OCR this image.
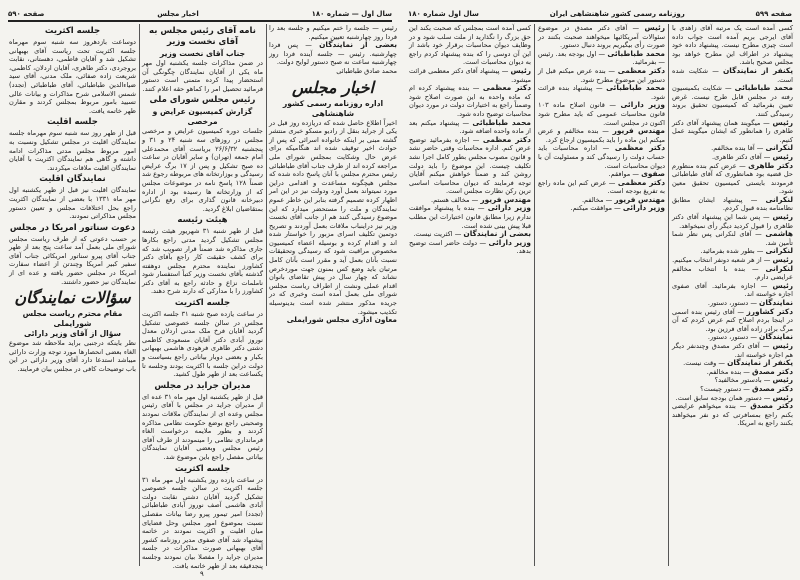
سال اول — شماره ۱۸۰
اخبار مجلس
صفحه ۵۹۰
رئیس — جلسه را ختم میکنیم و جلسه بعد را فردا روز چهارشنبه تعیین میکنیم.
بعضی از نمایندگان — پس فردا چهارشنبه. رئیس — جلسه آینده فردا روز چهارشنبه ساعت نه صبح دستور لوایح دولت.
محمد صادق طباطبائی
اخبار مجلس
اداره روزنامه رسمی کشور شاهنشاهی
اخیراً اطلاع حاصل شده که دریازده روز قبل در یکی از جراید بنقل از رادیو مسکو خبری منتشر گشته مبنی بر اینکه خانواده اسرائی که پس از حوادث اخیر توقیف شده اند هنگامیکه برای عرض حال وشکایت بمجلس شورای ملی مراجعه کرده اند از طرف جناب آقای طباطبائی رئیس محترم مجلس با آنان پاسخ داده شده که مجلس هیچگونه مساعدت و اقدامی دراین مورد نمیتواند بعمل آورد ودولت نیز در این امر اظهار کرده تصمیم گرفته بنابر این خاطر عموم نمایندگان و ملت را مستحضر میدارد که این موضوع رسیدگی کنند هم از جانب آقای نخست وزیر نیز دراینباب ملاقات بعمل آوردند و تصریح دوتمین تکلیف اسرای مزبور را خواستار شده اند و اقدام کرده و بوسیله اعضاء کمیسیون مخصوص مراقبت شود که رسیدگی وتحقیقات نسبت بآنان بعمل آید و مقرر است بآنان کامل مرتبان باید وضع کس بمنون جهت موردخرص نشاند که چهار سال در پیش تقاضای بانوان اقدام عملی ونشت از اطراف ریاست مجلس شورای ملی بعمل آمده است وخبری که در جریده مذکور منتشر شده است بدینوسیله تکذیب میشود.
معاون اداری مجلس شورایملی
نامه آقای رئیس مجلس به آقای نخست وزیر
جناب آقای نخست وزیر
در ضمن مذاکرات جلسه یکشنبه اول مهر ماه یکی از آقایان نمایندگان چگونگی آن استحضار پیدا کرده متمنی است دستور فرمائید تحصیل امر را کماهو حقه اعلام کنند.
رئیس مجلس شورای ملی
گزارش کمیسیون عرایض و مرخصی
جلسات دوره کمیسیون عرایض و مرخصی مجلس در روزهای سه شنبه ۲۴ و ۳۱ و پنجشنبه ۲۶/۶/۳۲ بریاست آقای محمدعلی امام جمعه (تهران) و سایر آقایان در ساعت ده صبح تشکیل و پس از ۱۷ برگ عرایض رسیدگی و بوزارتخانه های مربوطه رجوع شد ضمناً ۱۲۸ پاسخ نامه در موضوعات مجلس که از وزارتخانه ها رسیده بود از اداره دبیرخانه قانون گذاری برای رفع نگرانی بمتقاضیان ابلاغ گردید.
هیئت رئیسه
قبل از ظهر شنبه ۳۱ شهریور هیئت رئیسه مجلس تشکیل گردید مدتی راجع بکارها جاری مذاکره شد ضمناً قرار تصویب شد که برای کشف حقیقت کار راجع بآقای دکتر کشاورز نماینده محترم مجلس دوهفته گذشته بآقای نخست وزیر کتباً استفسار شود ناملمات نزاع و حادثه راجع به آقای دکتر کشاورز را با مدارکی که دارند شرح دهند.
جلسه اکثریت
در ساعت یازده صبح شنبه ۳۱ جلسه اکثریت مجلس در سالن جلسه خصوصی تشکیل گردید آقایان فرخ ملک مدنی اردلان معدل نوروز آبادی دکتر آقایان مسعودی کاظمی دشتی دکتر طاهری فرهودی هاشمی بهبهانی بکبار و بعضی دوبار بیاناتی راجع بسیاست و دولت دراین جلسه با اکثریت بودند وجلسه تا یکساعت بعد از ظهر طول کشید.
مدیران جراید در مجلس
قبل از ظهر یکشنبه اول مهر ماه ۳۱ عده ای از مدیران جراید در مجلس با آقای رئیس مجلس وعده ای از نمایندگان ملاقات نمودند وصحبتی راجع بوضع حکومت نظامی مذاکره کردند و بطور ملایمه درخواست الغاء فرمانداری نظامی را مینمودند از طرف آقای رئیس مجلس وبعضی آقایان نمایندگان بیاناتی مفصل راجع باین موضوع شد.
جلسه اکثریت
در ساعت یازده روز یکشنبه اول مهر ماه ۳۱ جلسه اکثریت در سالن جلسه خصوصی تشکیل گردید آقایان دشتی نقابت دولت آبادی هاشمی آصف نوروز آبادی طباطبائی (تجدد) امیر تیمور پیرو رضا بیانات مفصلی نسبت بموضوع امور مجلس وحل فضایای میان اقلیت و اکثریت نمودند در خاتمه پیشنهاد شد آقای صفوی مدیر روزنامه کشور آقای بهبهانی صورت مذاکرات در جلسه مدیران جراید را مفصلا بیان نمودند وجلسه پنجدقیقه بعد از ظهر خاتمه یافت.
جلسه اکثریت
دوساعت بازدهروز سه شنبه سوم مهرماه جلسه اکثریت تحت ریاست آقای بهبهانی تشکیل شد و آقایان فاطمی، دهستانی، نقابت بروجردی، دکتر طاهری، آقایان اردلان، کاظمی، شریعت زاده صفائی، ملک مدنی، آقای سید ضیاءالدین طباطبائی، آقای طباطبائی (تجدد) شمس الاسلامی شرح مذاکرات و بیانات عالی تسیید بامور مربوط بمجلس کردند و مقارن ظهر خاتمه یافت.
جلسه اقلیت
قبل از ظهر روز سه شنبه سوم مهرماه جلسه نمایندگان اقلیت در مجلس تشکیل ونسبت به امور مربوط مجلس مدتی مذاکرات ادامه داشته و گاهی هم نمایندگان اکثریت با آقایان نمایندگان اقلیت ملاقات میکردند.
نمایندگان اقلیت
نمایندگان اقلیت نیز قبل از ظهر یکشنبه اول مهر ماه ۱۳۳۱ با بعضی از نمایندگان اکثریت راجع بحل اختلافات مجلس و تعیین دستور مجلس مذاکراتی نمودند.
دعوت سناتور امریکا در مجلس
بر حسب دعوتی که از طرف ریاست مجلس شورای ملی بعمل آمد ساعت پنج بعد از ظهر جناب آقای پیرو سناتور امریکائی جناب آقای سفیر کبیر امریکا وچندتن از اعضاء سفارت امریکا در مجلس حضور یافته و عده ای از نمایندگان نیز حضور داشتند.
سؤالات نمایندگان
مقام محترم ریاست مجلس شورایملی
سؤال از آقای وزیر دارائی
نظر باینکه درجنبی براید ملاحظه شد موضوع الغاء بعضی انحصارها مورد توجه وزارت دارائی میباشد استدعا دارد آقای وزیر دارائی در این باب توضیحات کافی در مجلس بیان فرمایند.
۹
صفحه ۵۹۹
روزنامه رسمی کشور شاهنشاهی ایران
سال اول شماره ۱۸۰
کسی آمده است بمجلس که صحبت بکند این حق بزرگ را نگذارید از ملت سلب شود و در وظایف دیوان محاسبات برقرار خود باشد از این آن دوسی را که بنده پیشنهاد کردم راجع به دیوان محاسبات است.
رئیس — پیشنهاد آقای دکتر معظمی قرائت میشود.
دکتر معظمی — بنده پیشنهاد کرده ام که ماده واحده به این صورت اصلاح شود وضمناً راجع به اختیارات دولت در مورد دیوان محاسبات توضیح داده شود.
محمد طباطبائی — پیشنهاد میکنم بعد از ماده واحده اضافه شود.
دکتر معظمی — اجازه بفرمائید توضیح عرض کنم. اداره محاسبات وقتی حاضر نشد و قانون مصوب مجلس بطور کامل اجرا نشد تکلیف چیست. این موضوع را باید دولت روشن کند و ضمناً خواهش میکنم آقایان توجه فرمایند که دیوان محاسبات اساسی ترین رکن نظارت مجلس است.
مهندس فریور — مخالف هستم.
وزیر دارائی — بنده با پیشنهاد موافقت ندارم زیرا مطابق قانون اختیارات این مطلب قبلا پیش بینی شده است.
بعضی از نمایندگان — اکثریت نیست.
وزیر دارائی — دولت حاضر است توضیح بدهد.
رئیس — آقای دکتر مصدق در موضوع سئوالات آمریکائیها میخواهند صحبت بکنند در صورت رأی بیگیریم بروند دنبال دستور.
محمد طباطبائی — اول بودجه بعد. رئیس — بفرمائید.
دکتر معظمی — بنده عرض میکنم قبل از دستور این موضوع مطرح شود.
محمد طباطبائی — پیشنهاد بنده قرائت شود.
وزیر دارائی — قانون اصلاح ماده ۱۰۳ قانون محاسبات عمومی که باید مطرح شود اکنون در مجلس است.
مهندس فریور — بنده مخالفم و عرض میکنم این ماده را باید بکمیسیون ارجاع کرد.
دکتر معظمی — اداره محاسبات باید حساب دولت را رسیدگی کند و مسئولیت آن با دیوان محاسبات است.
صفوی — موافقم.
دکتر معظمی — عرض کنم این ماده راجع به تفریغ بودجه است.
مهندس فریور — مخالفم.
وزیر دارائی — موافقت میکنم.
کسی آمده است یک مرتبه آقای زاهدی با آقای ایرجی بریم آمده است جواب داده است چیزی مطرح نیست. پیشنهاد داده خود پیشنهاد در اطراف این مطرح خواهد بود مجلس صحیح باشد.
یکنفر از نمایندگان — شکایت شده است.
محمد طباطبائی — شکایت بکمیسیون رفته در مجلس قابل طرح نیست. غرض تعیین بفرمائید که کمیسیون تحقیق بروند رسیدگی کنند.
رئیس — میگویند همان پیشنهاد آقای دکتر طاهری را همانطور که ایشان میگویند عمل کنیم.
لنکرانی — آقا بنده مخالفم.
رئیس — آقای دکتر طاهری.
دکتر طاهری — عرض کنم بنده منظورم حل قضیه بود همانطوری که آقای طباطبائی فرمودند بایستی کمیسیون تحقیق معین شود.
لنکرانی — پیشنهاد ایشان مطابق نظامنامه بنده قبول کردم.
رئیس — پس شما این پیشنهاد آقای دکتر طاهری را قبول کردید دیگر رأی نمیخواهد.
هاشمی — آقای لنکرانی پس نظر شما تأمین شد.
لنکرانی — بطور شده بفرمائید.
رئیس — از هر شعبه دونفر انتخاب میکنیم.
لنکرانی — بنده با انتخاب مخالفم عرایضی دارم.
رئیس — اجازه بفرمائید. آقای صفوی اجازه خواسته اند.
نمایندگان — دستور، دستور.
دکتر کشاورز — آقای رئیس بنده اسمی در اینجا بردم اصلاح کنم عرض کردم که آن مرگ برادر زاده آقای فرزین بود.
نمایندگان — دستور، دستور.
رئیس — آقای دکتر مصدق وچندنفر دیگر هم اجازه خواسته اند.
یکنفر از نمایندگان — وقت نیست.
دکتر مصدق — بنده مخالفم.
رئیس — بادستور مخالفید؟
دکتر مصدق — دستور چیست؟
رئیس — دستور همان بودجه سابق است.
دکتر مصدق — بنده میخواهم عرایضی بکنم راجع بمسافرتی که دو نفر میخواهند بکنند راجع به امریکا.
